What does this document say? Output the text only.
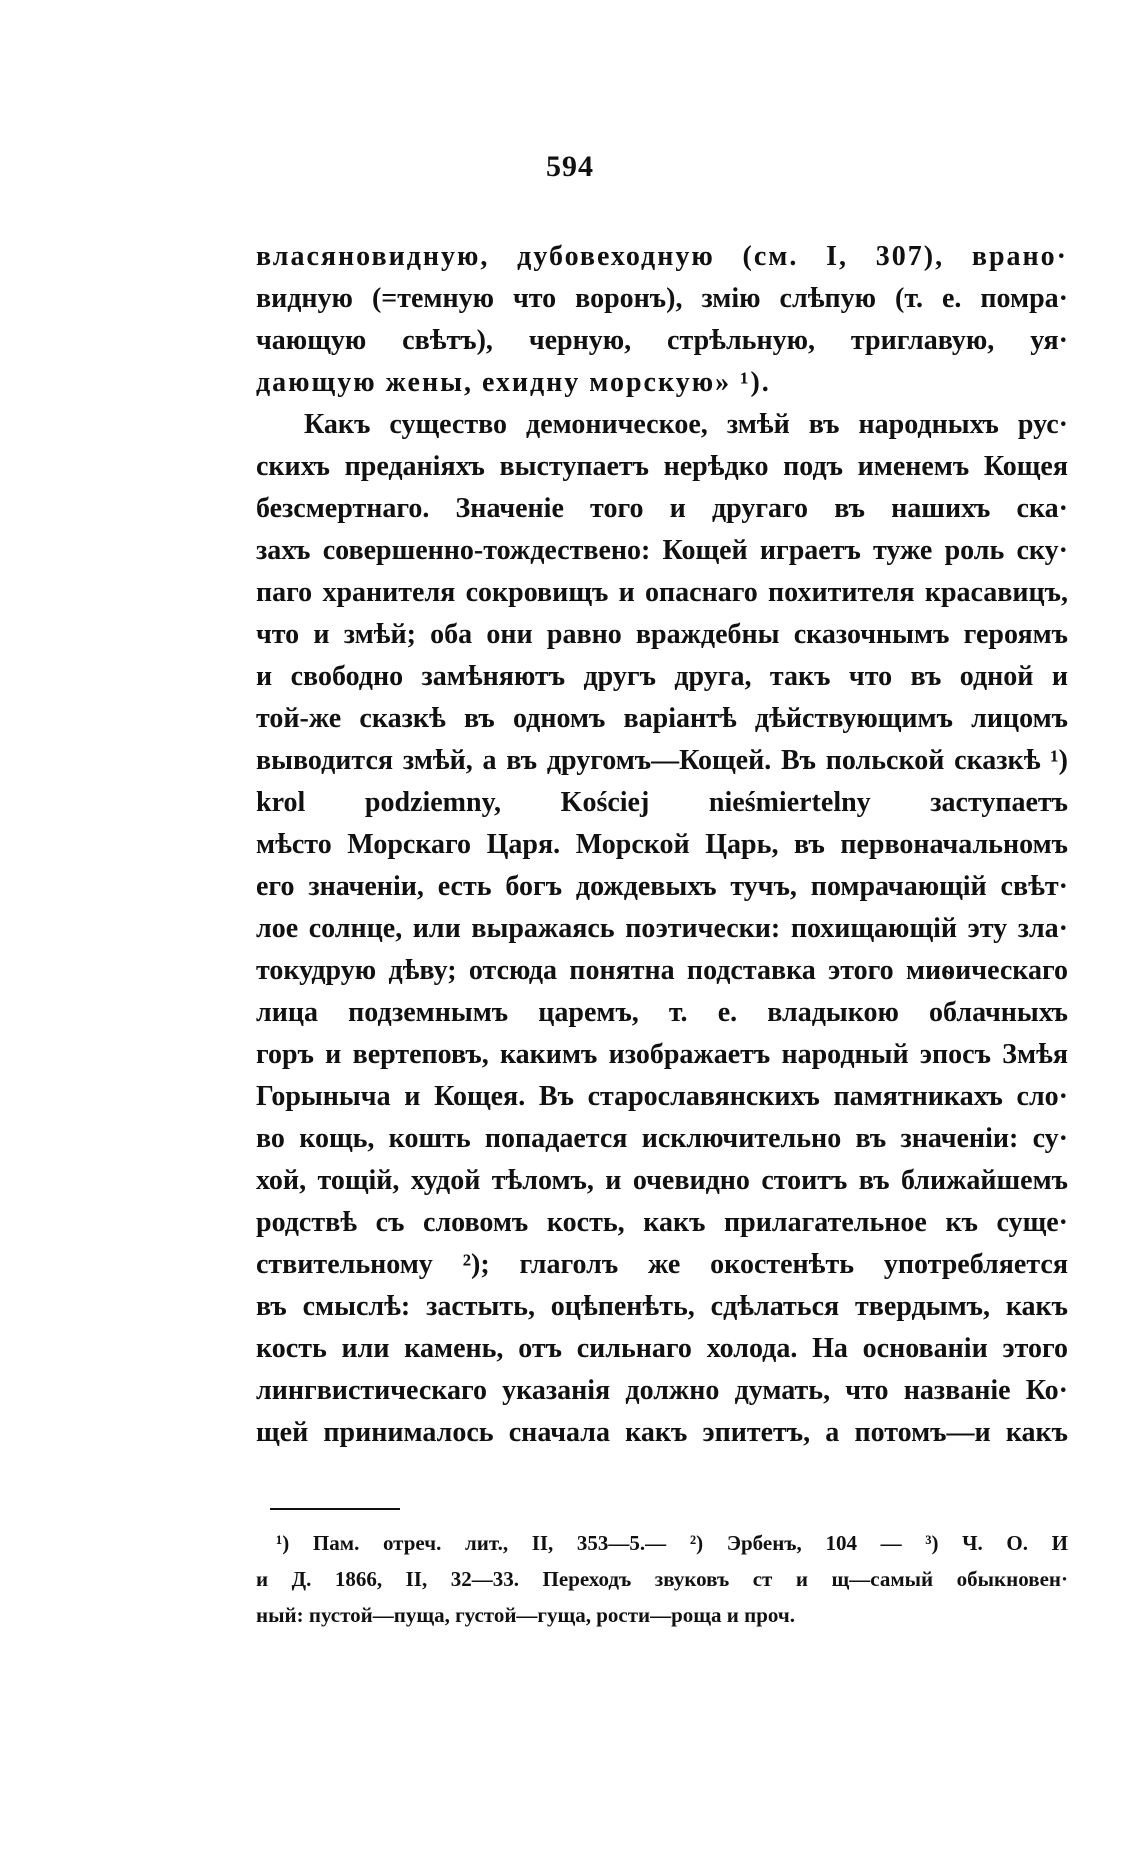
594
власяновидную, дубовеходную (см. I, 307), врано·
видную (=темную что воронъ), змію слѣпую (т. е. помра·
чающую свѣтъ), черную, стрѣльную, триглавую, уя·
дающую жены, ехидну морскую» ¹).
Какъ существо демоническое, змѣй въ народныхъ рус·
скихъ преданіяхъ выступаетъ нерѣдко подъ именемъ Кощея
безсмертнаго. Значеніе того и другаго въ нашихъ ска·
захъ совершенно-тождествено: Кощей играетъ туже роль ску·
паго хранителя сокровищъ и опаснаго похитителя красавицъ,
что и змѣй; оба они равно враждебны сказочнымъ героямъ
и свободно замѣняютъ другъ друга, такъ что въ одной и
той-же сказкѣ въ одномъ варіантѣ дѣйствующимъ лицомъ
выводится змѣй, а въ другомъ—Кощей. Въ польской сказкѣ ¹)
krol podziemny, Kościej nieśmiertelny заступаетъ
мѣсто Морскаго Царя. Морской Царь, въ первоначальномъ
его значеніи, есть богъ дождевыхъ тучъ, помрачающій свѣт·
лое солнце, или выражаясь поэтически: похищающій эту зла·
токудрую дѣву; отсюда понятна подставка этого миѳическаго
лица подземнымъ царемъ, т. е. владыкою облачныхъ
горъ и вертеповъ, какимъ изображаетъ народный эпосъ Змѣя
Горыныча и Кощея. Въ старославянскихъ памятникахъ сло·
во кощь, кошть попадается исключительно въ значеніи: су·
хой, тощій, худой тѣломъ, и очевидно стоитъ въ ближайшемъ
родствѣ съ словомъ кость, какъ прилагательное къ суще·
ствительному ²); глаголъ же окостенѣть употребляется
въ смыслѣ: застыть, оцѣпенѣть, сдѣлаться твердымъ, какъ
кость или камень, отъ сильнаго холода. На основаніи этого
лингвистическаго указанія должно думать, что названіе Ко·
щей принималось сначала какъ эпитетъ, а потомъ—и какъ
¹) Пам. отреч. лит., II, 353—5.— ²) Эрбенъ, 104 — ³) Ч. О. И
и Д. 1866, II, 32—33. Переходъ звуковъ ст и щ—самый обыкновен·
ный: пустой—пуща, густой—гуща, рости—роща и проч.
